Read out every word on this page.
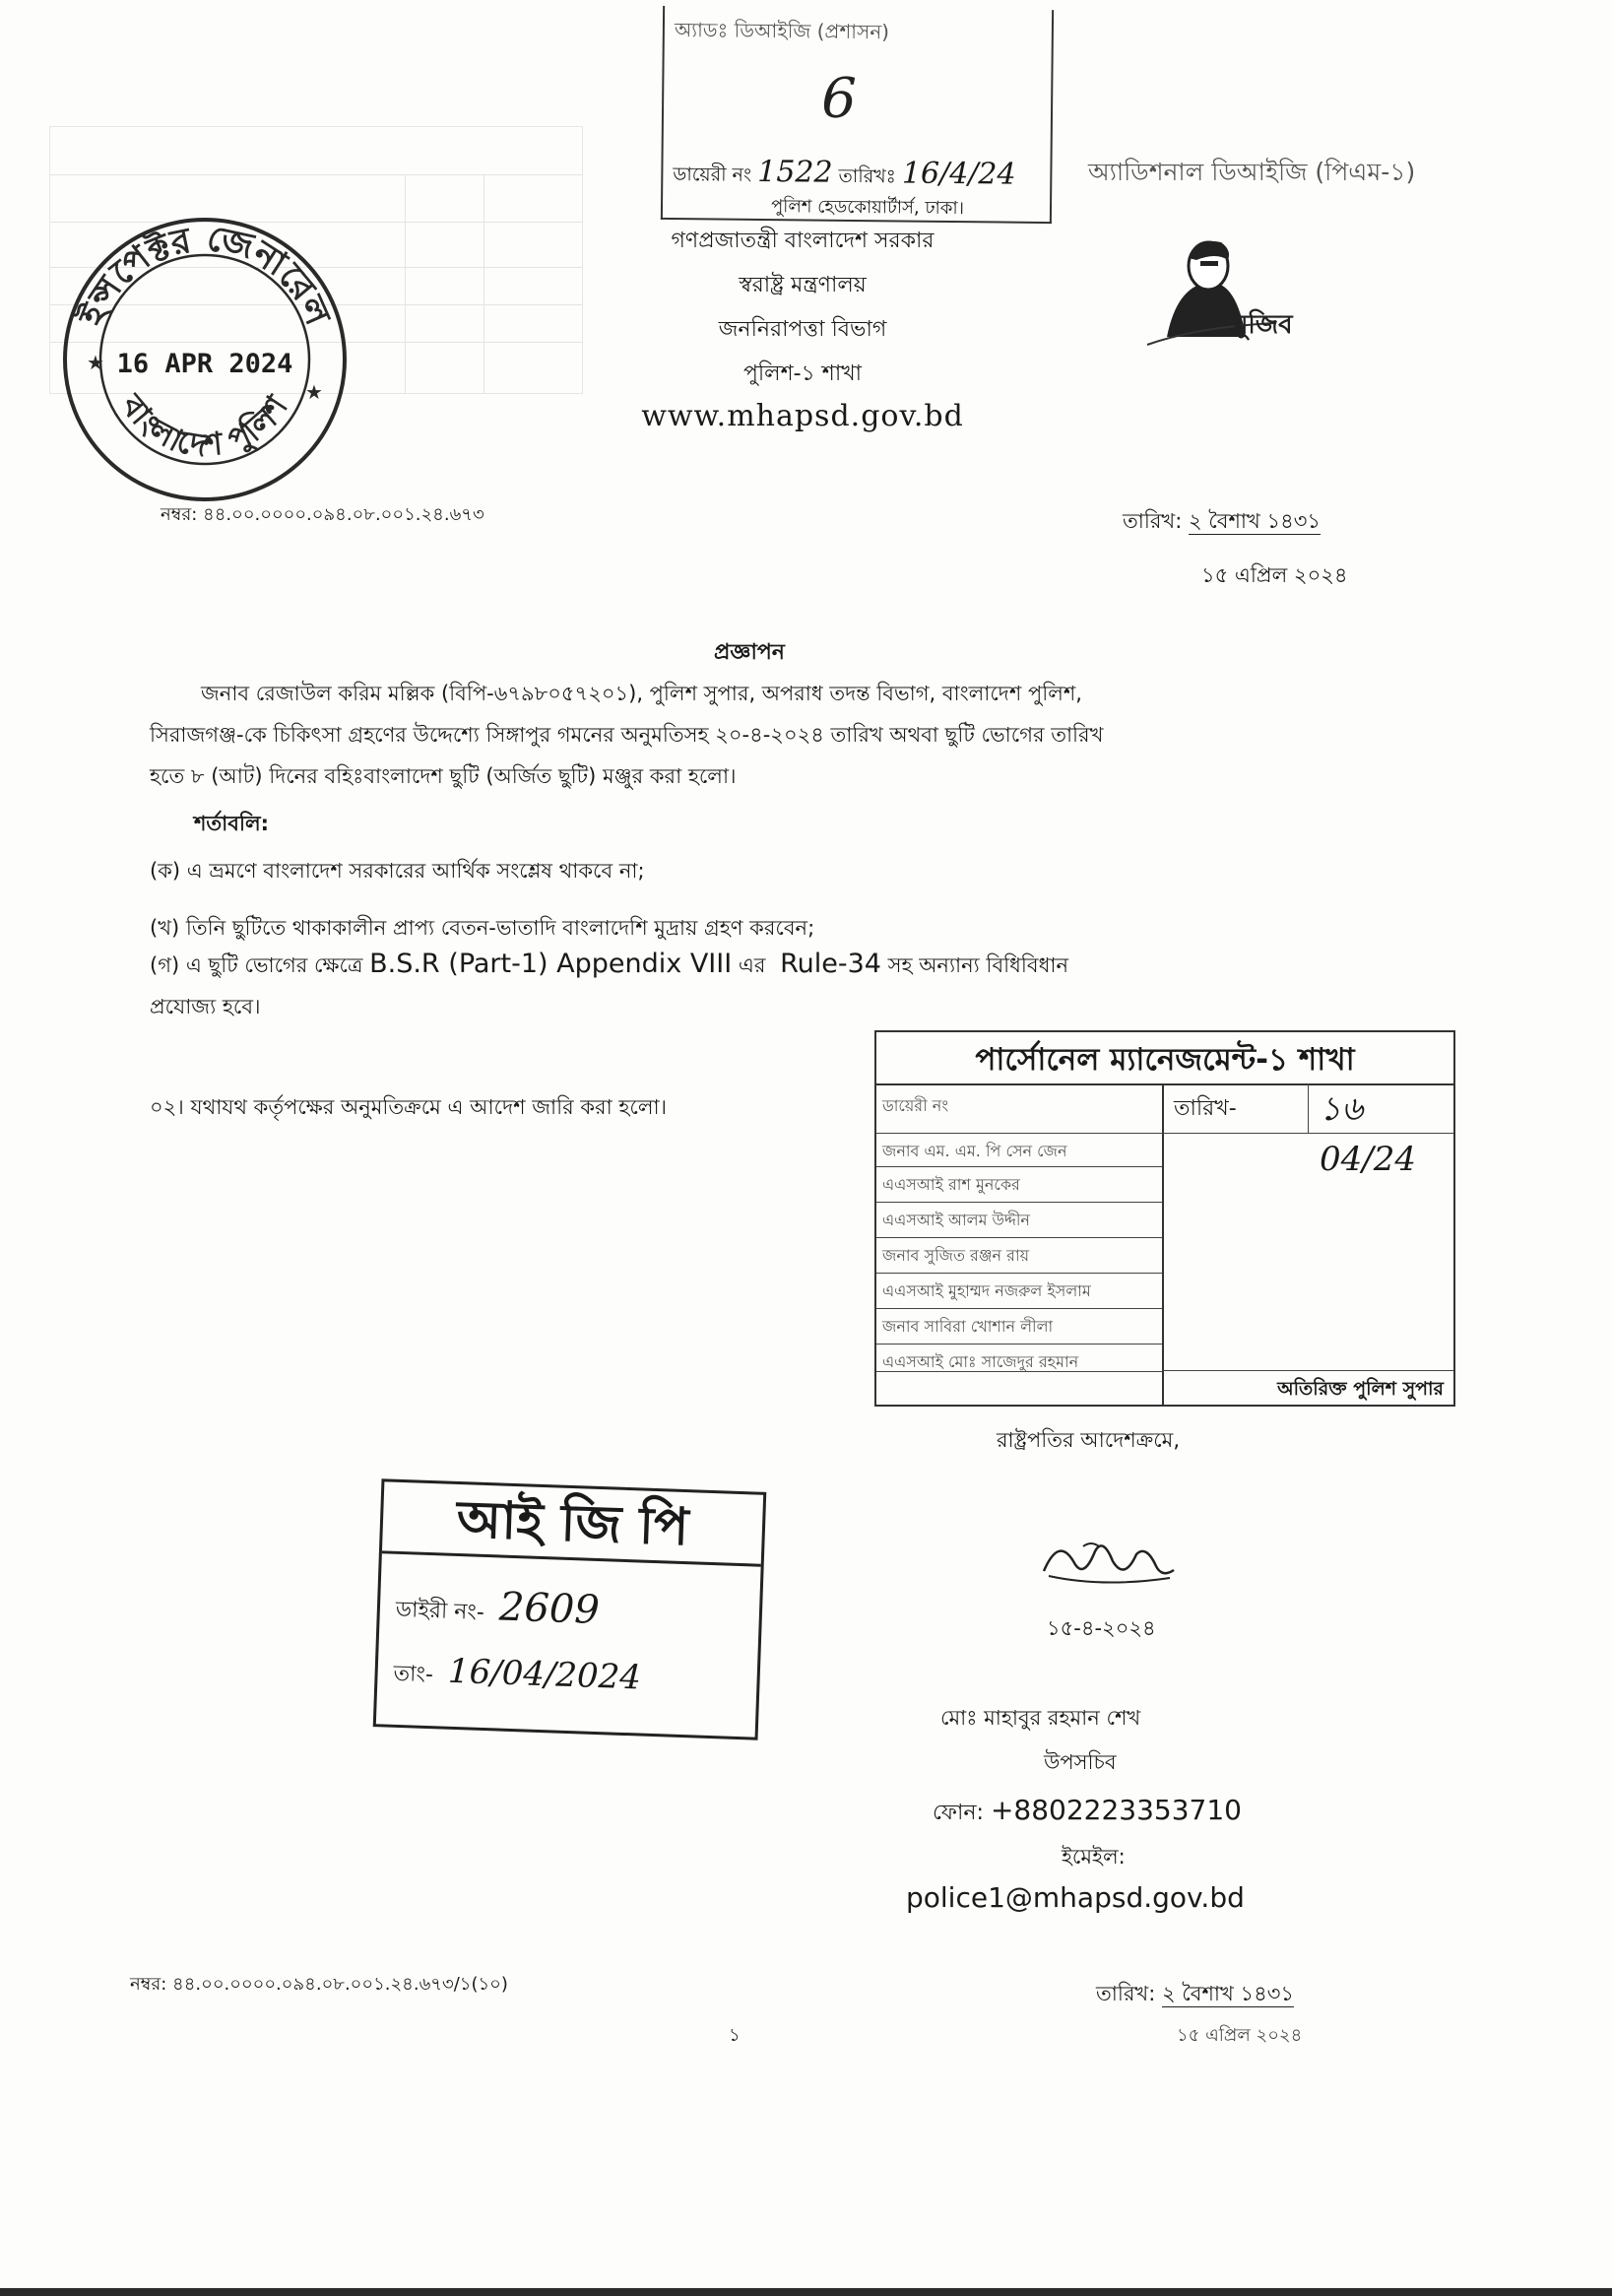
ইন্সপেক্টর জেনারেল
বাংলাদেশ পুলিশ
16 APR 2024
★
★
অ্যাডঃ ডিআইজি (প্রশাসন)
6
ডায়েরী নং 1522 তারিখঃ 16/4/24
পুলিশ হেডকোয়ার্টার্স, ঢাকা।
অ্যাডিশনাল ডিআইজি (পিএম-১)
গণপ্রজাতন্ত্রী বাংলাদেশ সরকার
স্বরাষ্ট্র মন্ত্রণালয়
জননিরাপত্তা বিভাগ
পুলিশ-১ শাখা
www.mhapsd.gov.bd
মুজিব
নম্বর: ৪৪.০০.০০০০.০৯৪.০৮.০০১.২৪.৬৭৩	তারিখ: ২ বৈশাখ ১৪৩১
১৫ এপ্রিল ২০২৪
প্রজ্ঞাপন
জনাব রেজাউল করিম মল্লিক (বিপি-৬৭৯৮০৫৭২০১), পুলিশ সুপার, অপরাধ তদন্ত বিভাগ, বাংলাদেশ পুলিশ,
সিরাজগঞ্জ-কে চিকিৎসা গ্রহণের উদ্দেশ্যে সিঙ্গাপুর গমনের অনুমতিসহ ২০-৪-২০২৪ তারিখ অথবা ছুটি ভোগের তারিখ
হতে ৮ (আট) দিনের বহিঃবাংলাদেশ ছুটি (অর্জিত ছুটি) মঞ্জুর করা হলো।
শর্তাবলি:
(ক) এ ভ্রমণে বাংলাদেশ সরকারের আর্থিক সংশ্লেষ থাকবে না;
(খ) তিনি ছুটিতে থাকাকালীন প্রাপ্য বেতন-ভাতাদি বাংলাদেশি মুদ্রায় গ্রহণ করবেন;
(গ) এ ছুটি ভোগের ক্ষেত্রে B.S.R (Part-1) Appendix VIII এর Rule-34 সহ অন্যান্য বিধিবিধান
প্রযোজ্য হবে।
০২। যথাযথ কর্তৃপক্ষের অনুমতিক্রমে এ আদেশ জারি করা হলো।
পার্সোনেল ম্যানেজমেন্ট-১ শাখা
তারিখ- ১৬ 04/24
ডায়েরী নং
জনাব এম. এম. পি সেন জেন
এএসআই রাশ মুনকের
এএসআই আলম উদ্দীন
জনাব সুজিত রঞ্জন রায়
এএসআই মুহাম্মদ নজরুল ইসলাম
জনাব সাবিরা খোশান লীলা
এএসআই মোঃ সাজেদুর রহমান
অতিরিক্ত পুলিশ সুপার
রাষ্ট্রপতির আদেশক্রমে,
১৫-৪-২০২৪
মোঃ মাহাবুর রহমান শেখ
উপসচিব
ফোন: +8802223353710
ইমেইল:
police1@mhapsd.gov.bd
আই জি পি
ডাইরী নং- 2609
তাং- 16/04/2024
নম্বর: ৪৪.০০.০০০০.০৯৪.০৮.০০১.২৪.৬৭৩/১(১০)	তারিখ: ২ বৈশাখ ১৪৩১
১৫ এপ্রিল ২০২৪
১
